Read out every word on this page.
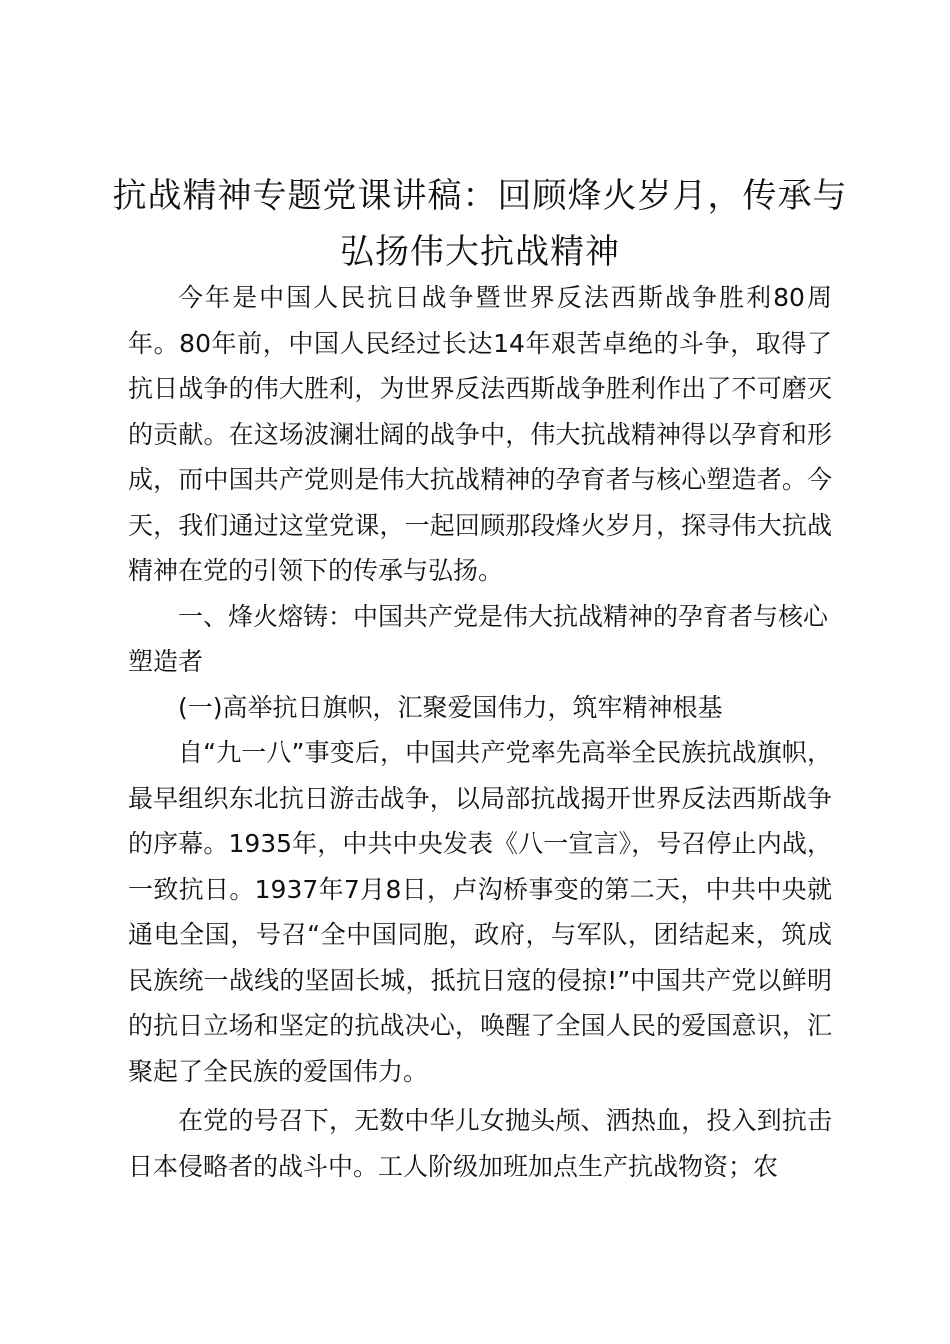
抗战精神专题党课讲稿：回顾烽火岁月，传承与弘扬伟大抗战精神

今年是中国人民抗日战争暨世界反法西斯战争胜利80周年。80年前，中国人民经过长达14年艰苦卓绝的斗争，取得了抗日战争的伟大胜利，为世界反法西斯战争胜利作出了不可磨灭的贡献。在这场波澜壮阔的战争中，伟大抗战精神得以孕育和形成，而中国共产党则是伟大抗战精神的孕育者与核心塑造者。今天，我们通过这堂党课，一起回顾那段烽火岁月，探寻伟大抗战精神在党的引领下的传承与弘扬。

一、烽火熔铸：中国共产党是伟大抗战精神的孕育者与核心塑造者

(一)高举抗日旗帜，汇聚爱国伟力，筑牢精神根基

自“九一八”事变后，中国共产党率先高举全民族抗战旗帜，最早组织东北抗日游击战争，以局部抗战揭开世界反法西斯战争的序幕。1935年，中共中央发表《八一宣言》，号召停止内战，一致抗日。1937年7月8日，卢沟桥事变的第二天，中共中央就通电全国，号召“全中国同胞，政府，与军队，团结起来，筑成民族统一战线的坚固长城，抵抗日寇的侵掠!”中国共产党以鲜明的抗日立场和坚定的抗战决心，唤醒了全国人民的爱国意识，汇聚起了全民族的爱国伟力。

在党的号召下，无数中华儿女抛头颅、洒热血，投入到抗击日本侵略者的战斗中。工人阶级加班加点生产抗战物资；农
